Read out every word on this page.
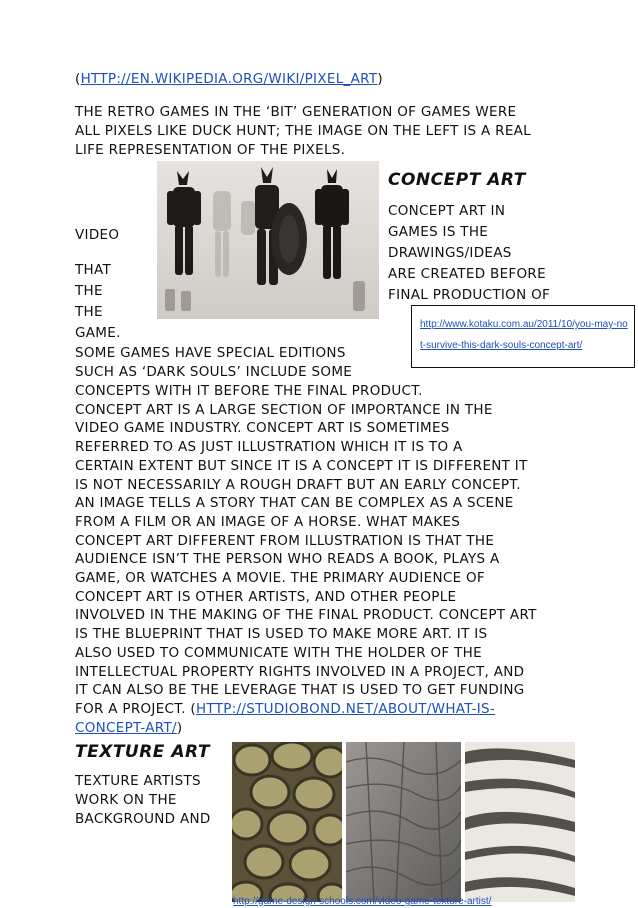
(HTTP://EN.WIKIPEDIA.ORG/WIKI/PIXEL_ART)

THE RETRO GAMES IN THE ‘BIT’ GENERATION OF GAMES WERE

ALL PIXELS LIKE DUCK HUNT; THE IMAGE ON THE LEFT IS A REAL

LIFE REPRESENTATION OF THE PIXELS.

CONCEPT ART

CONCEPT ART IN

GAMES IS THE

DRAWINGS/IDEAS

ARE CREATED BEFORE

FINAL PRODUCTION OF

VIDEO

THAT

THE

THE

GAME.

http://www.kotaku.com.au/2011/10/you-may-not-survive-this-dark-souls-concept-art/

SOME GAMES HAVE SPECIAL EDITIONS

SUCH AS ‘DARK SOULS’ INCLUDE SOME

CONCEPTS WITH IT BEFORE THE FINAL PRODUCT.

CONCEPT ART IS A LARGE SECTION OF IMPORTANCE IN THE

VIDEO GAME INDUSTRY. CONCEPT ART IS SOMETIMES

REFERRED TO AS JUST ILLUSTRATION WHICH IT IS TO A

CERTAIN EXTENT BUT SINCE IT IS A CONCEPT IT IS DIFFERENT IT

IS NOT NECESSARILY A ROUGH DRAFT BUT AN EARLY CONCEPT.

AN IMAGE TELLS A STORY THAT CAN BE COMPLEX AS A SCENE

FROM A FILM OR AN IMAGE OF A HORSE. WHAT MAKES

CONCEPT ART DIFFERENT FROM ILLUSTRATION IS THAT THE

AUDIENCE ISN’T THE PERSON WHO READS A BOOK, PLAYS A

GAME, OR WATCHES A MOVIE. THE PRIMARY AUDIENCE OF

CONCEPT ART IS OTHER ARTISTS, AND OTHER PEOPLE

INVOLVED IN THE MAKING OF THE FINAL PRODUCT. CONCEPT ART

IS THE BLUEPRINT THAT IS USED TO MAKE MORE ART. IT IS

ALSO USED TO COMMUNICATE WITH THE HOLDER OF THE

INTELLECTUAL PROPERTY RIGHTS INVOLVED IN A PROJECT, AND

IT CAN ALSO BE THE LEVERAGE THAT IS USED TO GET FUNDING

FOR A PROJECT. (HTTP://STUDIOBOND.NET/ABOUT/WHAT-IS-

CONCEPT-ART/)

TEXTURE ART

TEXTURE ARTISTS

WORK ON THE

BACKGROUND AND

http://game-design-schools.com/video-game-texture-artist/
